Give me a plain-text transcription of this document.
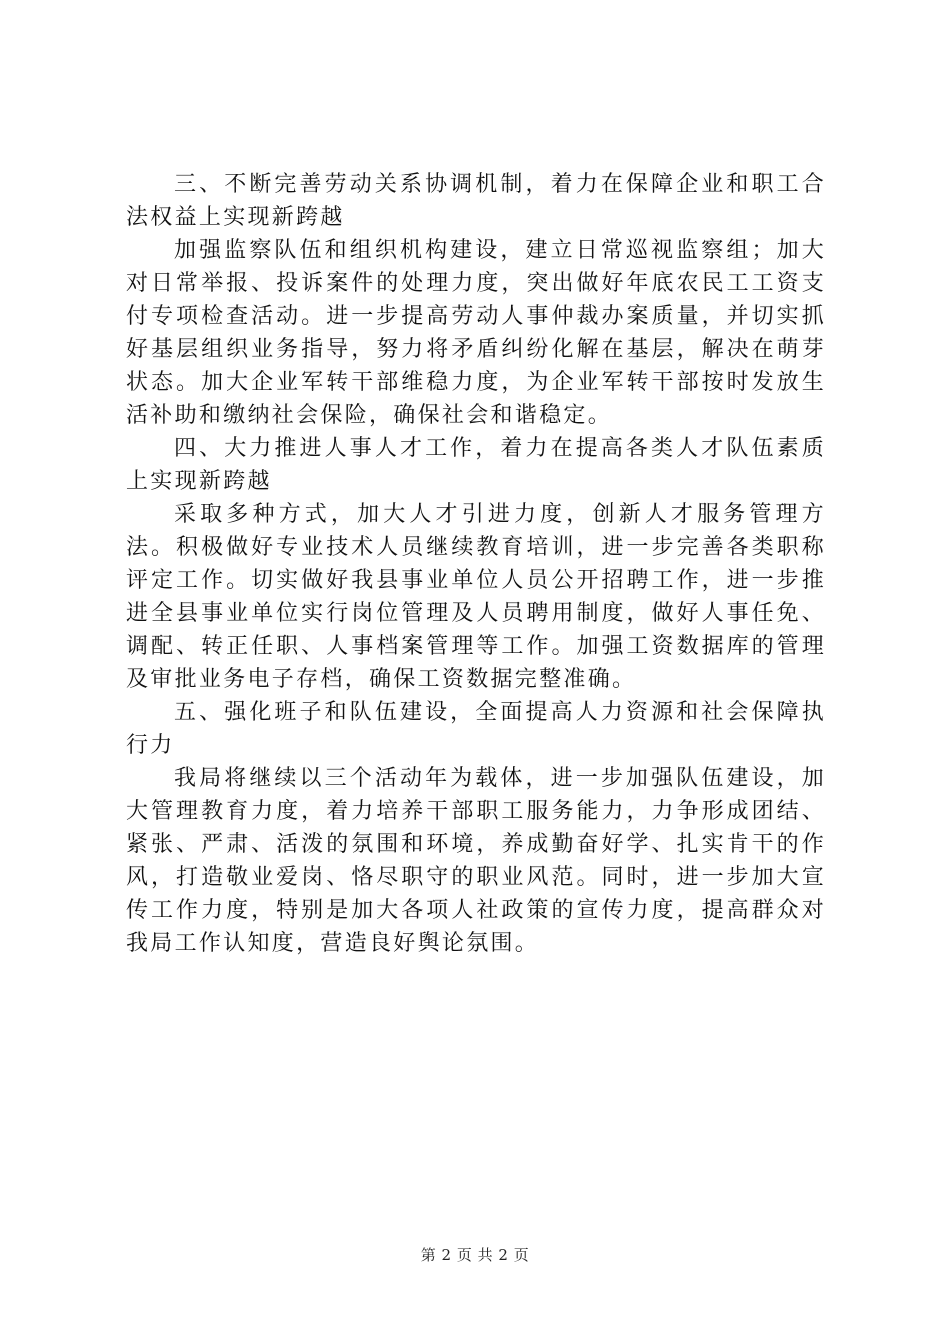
三、不断完善劳动关系协调机制，着力在保障企业和职工合法权益上实现新跨越

加强监察队伍和组织机构建设，建立日常巡视监察组；加大对日常举报、投诉案件的处理力度，突出做好年底农民工工资支付专项检查活动。进一步提高劳动人事仲裁办案质量，并切实抓好基层组织业务指导，努力将矛盾纠纷化解在基层，解决在萌芽状态。加大企业军转干部维稳力度，为企业军转干部按时发放生活补助和缴纳社会保险，确保社会和谐稳定。

四、大力推进人事人才工作，着力在提高各类人才队伍素质上实现新跨越

采取多种方式，加大人才引进力度，创新人才服务管理方法。积极做好专业技术人员继续教育培训，进一步完善各类职称评定工作。切实做好我县事业单位人员公开招聘工作，进一步推进全县事业单位实行岗位管理及人员聘用制度，做好人事任免、调配、转正任职、人事档案管理等工作。加强工资数据库的管理及审批业务电子存档，确保工资数据完整准确。

五、强化班子和队伍建设，全面提高人力资源和社会保障执行力

我局将继续以三个活动年为载体，进一步加强队伍建设，加大管理教育力度，着力培养干部职工服务能力，力争形成团结、紧张、严肃、活泼的氛围和环境，养成勤奋好学、扎实肯干的作风，打造敬业爱岗、恪尽职守的职业风范。同时，进一步加大宣传工作力度，特别是加大各项人社政策的宣传力度，提高群众对我局工作认知度，营造良好舆论氛围。

第 2 页 共 2 页
